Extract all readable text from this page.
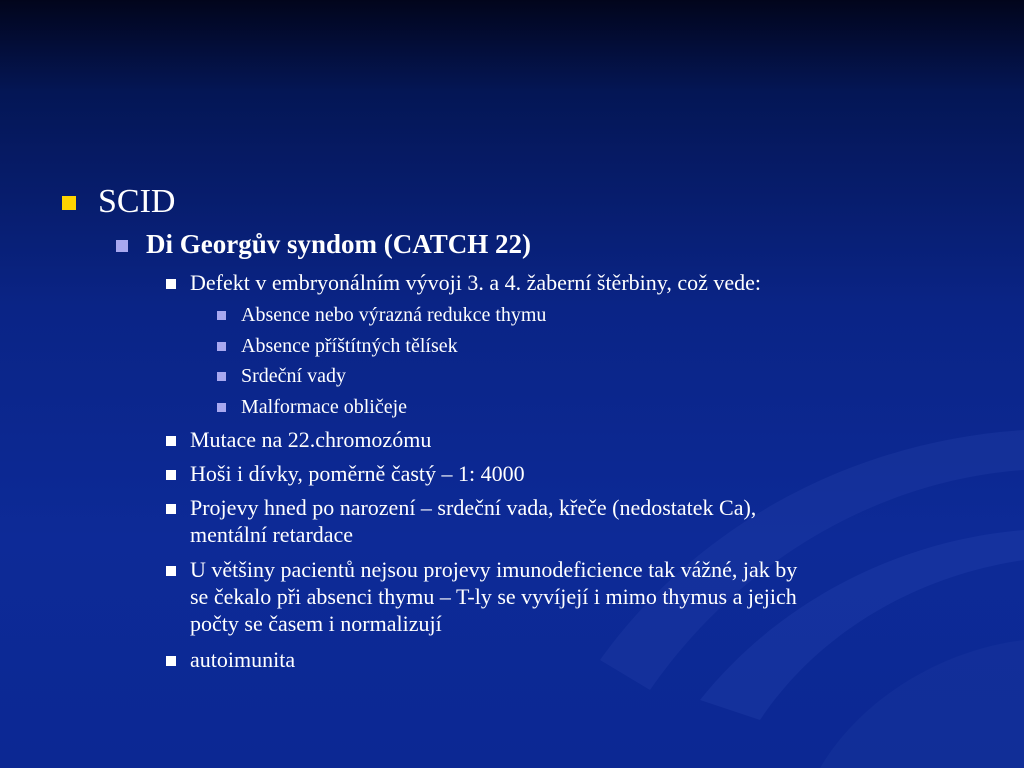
SCID
Di Georgův syndom (CATCH 22)
Defekt v embryonálním vývoji 3. a 4. žaberní štěrbiny, což vede:
Absence nebo výrazná redukce thymu
Absence příštítných tělísek
Srdeční vady
Malformace obličeje
Mutace na 22.chromozómu
Hoši i dívky, poměrně častý – 1: 4000
Projevy hned po narození – srdeční vada, křeče (nedostatek Ca),
mentální retardace
U většiny pacientů nejsou projevy imunodeficience tak vážné, jak by
se čekalo při absenci thymu – T-ly se vyvíjejí i mimo thymus a jejich
počty se časem i normalizují
autoimunita
